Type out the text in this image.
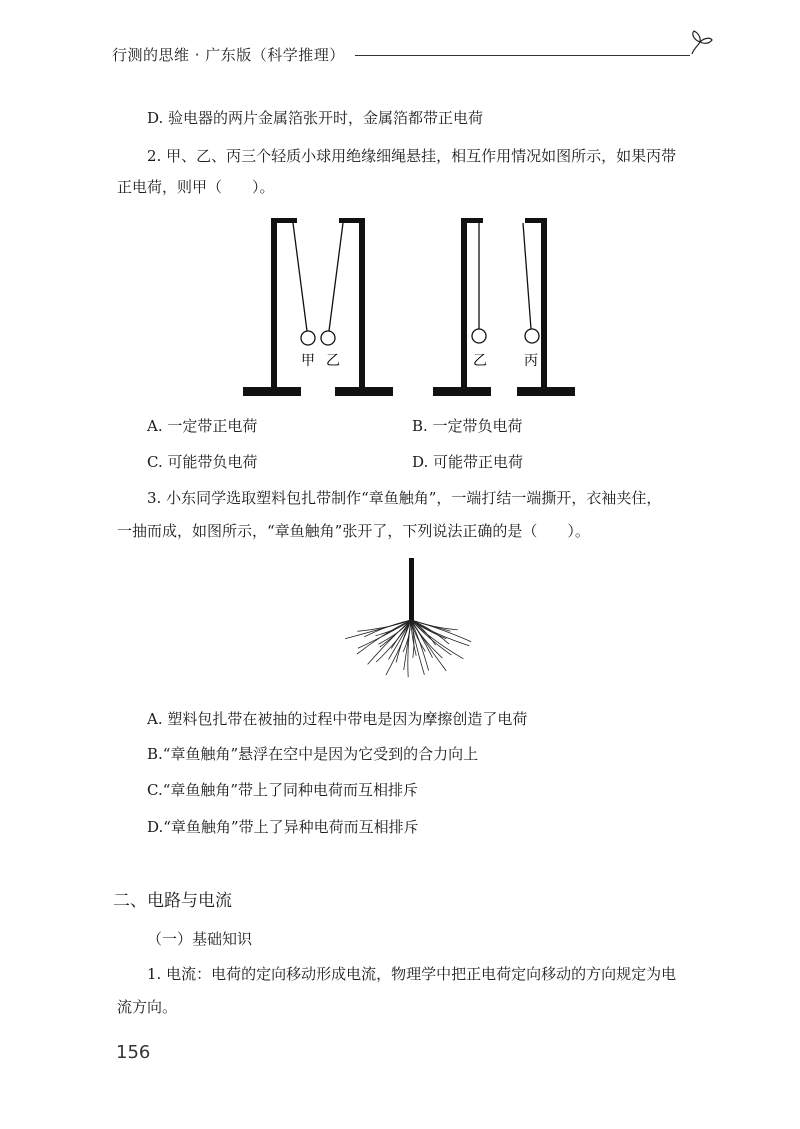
行测的思维 · 广东版（科学推理）
D. 验电器的两片金属箔张开时，金属箔都带正电荷
2. 甲、乙、丙三个轻质小球用绝缘细绳悬挂，相互作用情况如图所示，如果丙带
正电荷，则甲（　　）。
甲 乙	乙	丙
A. 一定带正电荷	B. 一定带负电荷
C. 可能带负电荷	D. 可能带正电荷
3. 小东同学选取塑料包扎带制作“章鱼触角”，一端打结一端撕开，衣袖夹住，
一抽而成，如图所示，“章鱼触角”张开了，下列说法正确的是（　　）。
A. 塑料包扎带在被抽的过程中带电是因为摩擦创造了电荷
B.“章鱼触角”悬浮在空中是因为它受到的合力向上
C.“章鱼触角”带上了同种电荷而互相排斥
D.“章鱼触角”带上了异种电荷而互相排斥
二、电路与电流
（一）基础知识
1. 电流：电荷的定向移动形成电流，物理学中把正电荷定向移动的方向规定为电
流方向。
156
